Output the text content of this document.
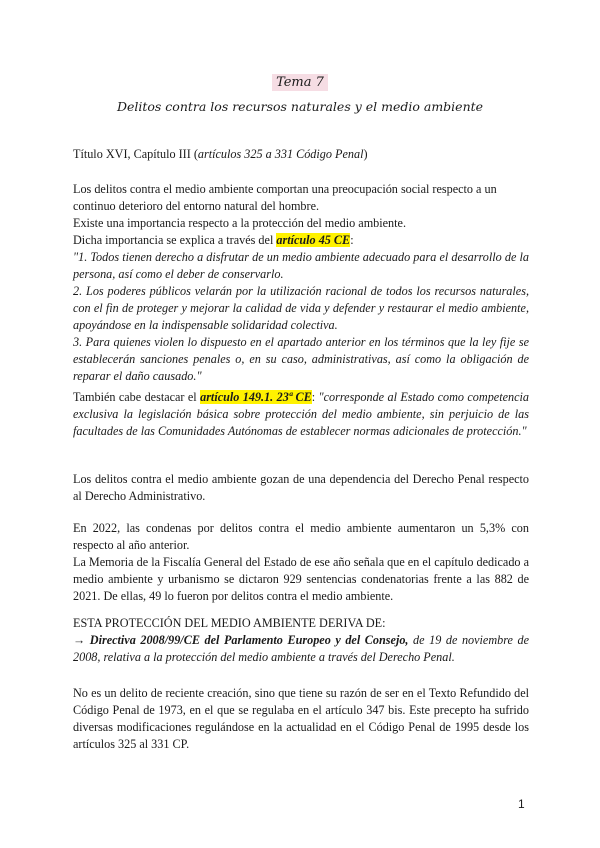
Tema 7
Delitos contra los recursos naturales y el medio ambiente

Título XVI, Capítulo III (artículos 325 a 331 Código Penal)

Los delitos contra el medio ambiente comportan una preocupación social respecto a un continuo deterioro del entorno natural del hombre.

Existe una importancia respecto a la protección del medio ambiente.

Dicha importancia se explica a través del artículo 45 CE:

"1. Todos tienen derecho a disfrutar de un medio ambiente adecuado para el desarrollo de la persona, así como el deber de conservarlo.

2. Los poderes públicos velarán por la utilización racional de todos los recursos naturales, con el fin de proteger y mejorar la calidad de vida y defender y restaurar el medio ambiente, apoyándose en la indispensable solidaridad colectiva.

3. Para quienes violen lo dispuesto en el apartado anterior en los términos que la ley fije se establecerán sanciones penales o, en su caso, administrativas, así como la obligación de reparar el daño causado."

También cabe destacar el artículo 149.1. 23ª CE: "corresponde al Estado como competencia exclusiva la legislación básica sobre protección del medio ambiente, sin perjuicio de las facultades de las Comunidades Autónomas de establecer normas adicionales de protección."

Los delitos contra el medio ambiente gozan de una dependencia del Derecho Penal respecto al Derecho Administrativo.

En 2022, las condenas por delitos contra el medio ambiente aumentaron un 5,3% con respecto al año anterior.

La Memoria de la Fiscalía General del Estado de ese año señala que en el capítulo dedicado a medio ambiente y urbanismo se dictaron 929 sentencias condenatorias frente a las 882 de 2021. De ellas, 49 lo fueron por delitos contra el medio ambiente.

ESTA PROTECCIÓN DEL MEDIO AMBIENTE DERIVA DE:

→ Directiva 2008/99/CE del Parlamento Europeo y del Consejo, de 19 de noviembre de 2008, relativa a la protección del medio ambiente a través del Derecho Penal.

No es un delito de reciente creación, sino que tiene su razón de ser en el Texto Refundido del Código Penal de 1973, en el que se regulaba en el artículo 347 bis. Este precepto ha sufrido diversas modificaciones regulándose en la actualidad en el Código Penal de 1995 desde los artículos 325 al 331 CP.

1
